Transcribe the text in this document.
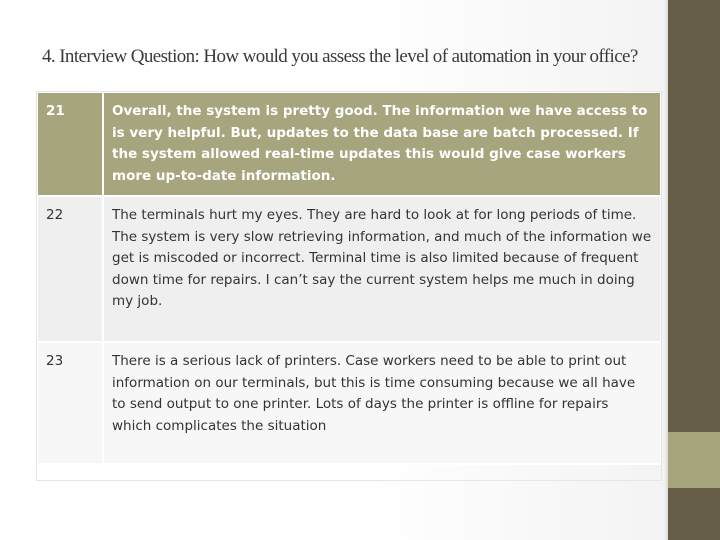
4. Interview Question: How would you assess the level of automation in your office?
21	Overall, the system is pretty good. The information we have access to is very helpful. But, updates to the data base are batch processed. If the system allowed real-time updates this would give case workers more up-to-date information.
22	The terminals hurt my eyes. They are hard to look at for long periods of time. The system is very slow retrieving information, and much of the information we get is miscoded or incorrect. Terminal time is also limited because of frequent down time for repairs. I can’t say the current system helps me much in doing my job.
23	There is a serious lack of printers. Case workers need to be able to print out information on our terminals, but this is time consuming because we all have to send output to one printer. Lots of days the printer is offline for repairs which complicates the situation
